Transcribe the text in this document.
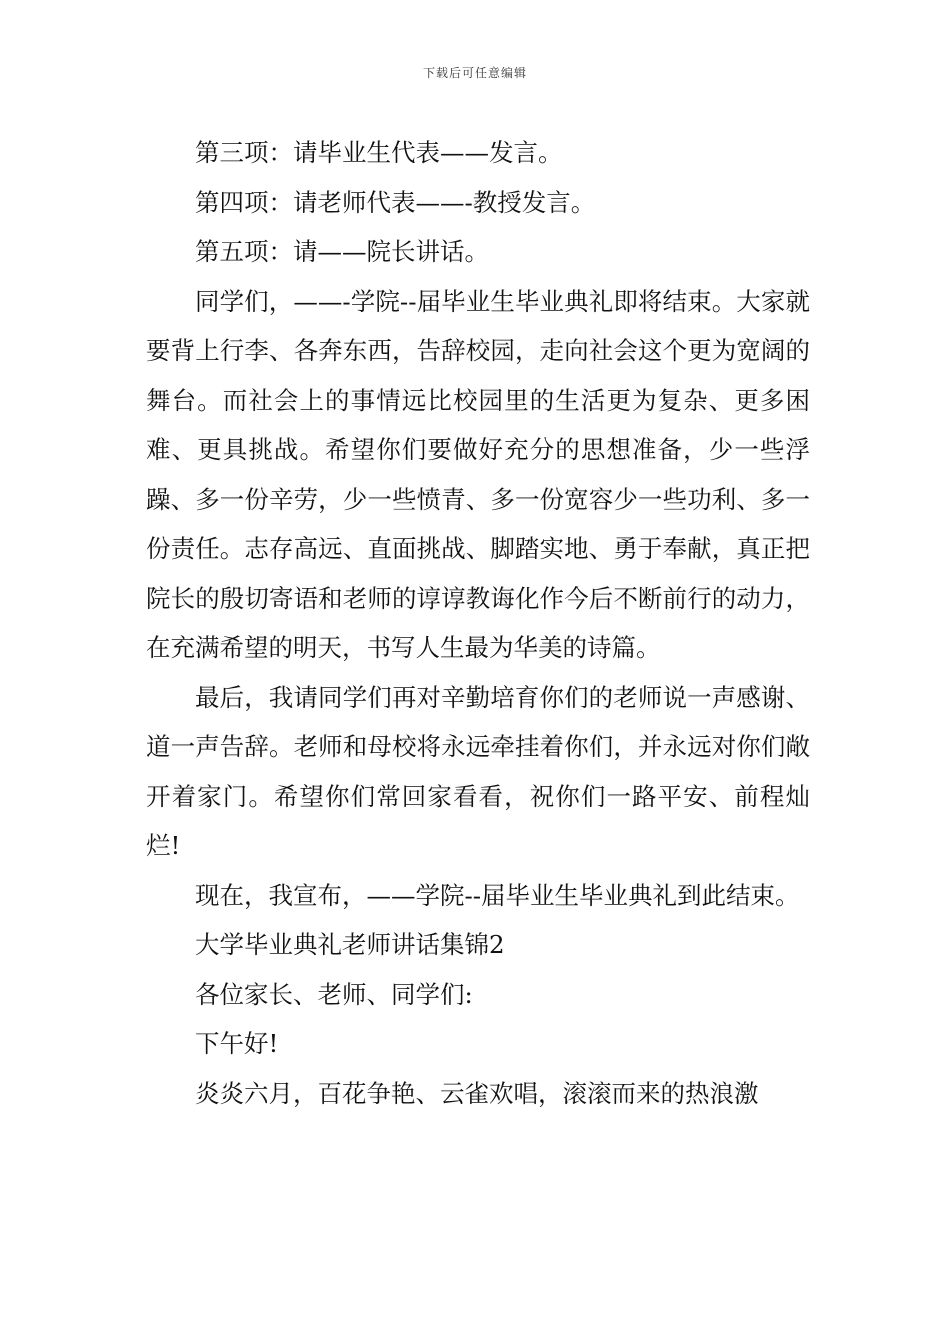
下载后可任意编辑

第三项：请毕业生代表——发言。

第四项：请老师代表——-教授发言。

第五项：请——院长讲话。

同学们，——-学院--届毕业生毕业典礼即将结束。大家就要背上行李、各奔东西，告辞校园，走向社会这个更为宽阔的舞台。而社会上的事情远比校园里的生活更为复杂、更多困难、更具挑战。希望你们要做好充分的思想准备，少一些浮躁、多一份辛劳，少一些愤青、多一份宽容少一些功利、多一份责任。志存高远、直面挑战、脚踏实地、勇于奉献，真正把院长的殷切寄语和老师的谆谆教诲化作今后不断前行的动力，在充满希望的明天，书写人生最为华美的诗篇。

最后，我请同学们再对辛勤培育你们的老师说一声感谢、道一声告辞。老师和母校将永远牵挂着你们，并永远对你们敞开着家门。希望你们常回家看看，祝你们一路平安、前程灿烂!

现在，我宣布，——学院--届毕业生毕业典礼到此结束。

大学毕业典礼老师讲话集锦2

各位家长、老师、同学们:

下午好!

炎炎六月，百花争艳、云雀欢唱，滚滚而来的热浪激
